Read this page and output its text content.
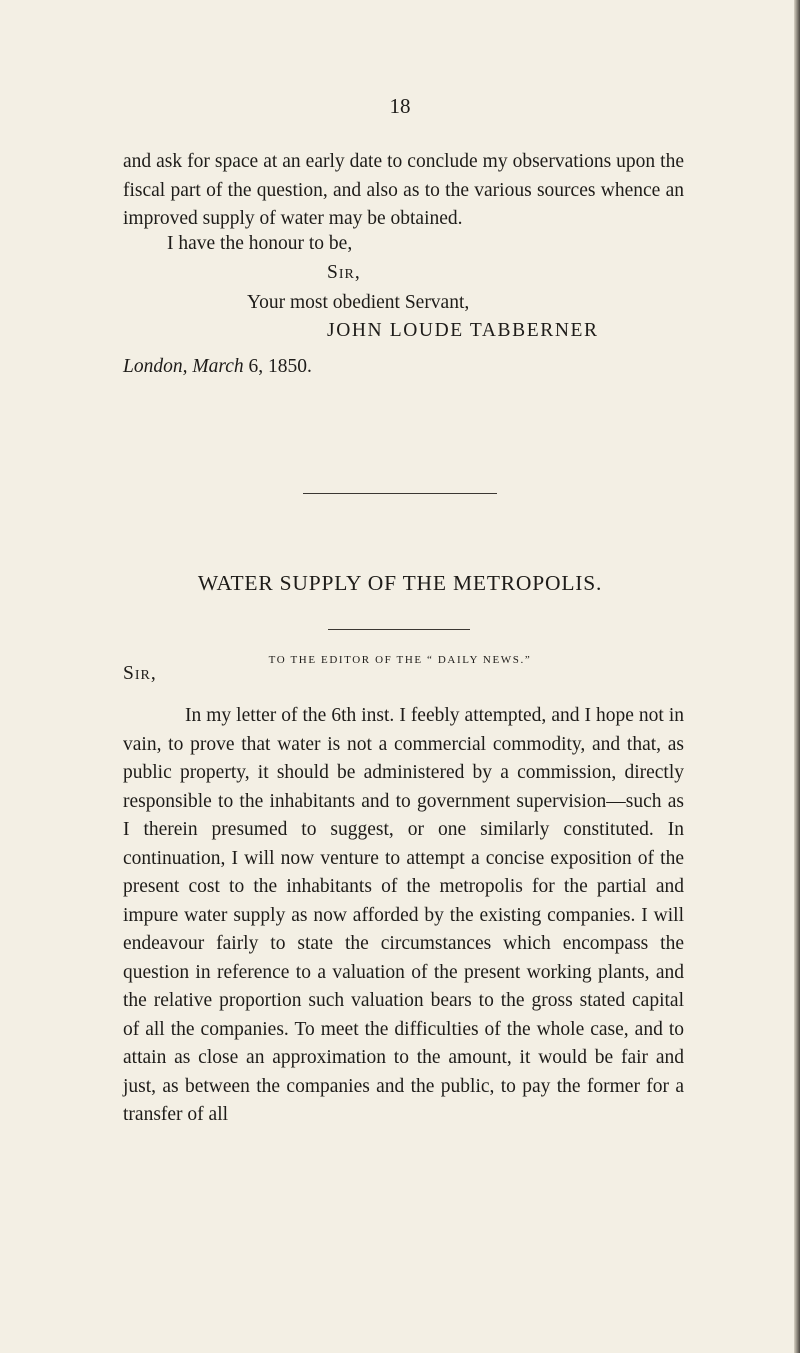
18

and ask for space at an early date to conclude my observations upon the fiscal part of the question, and also as to the various sources whence an improved supply of water may be obtained.

I have the honour to be,
Sir,
Your most obedient Servant,
JOHN LOUDE TABBERNER
London, March 6, 1850.
WATER SUPPLY OF THE METROPOLIS.
TO THE EDITOR OF THE “ DAILY NEWS.”
Sir,

In my letter of the 6th inst. I feebly attempted, and I hope not in vain, to prove that water is not a commercial commodity, and that, as public property, it should be administered by a commission, directly responsible to the inhabitants and to government supervision—such as I therein presumed to suggest, or one similarly constituted. In continuation, I will now venture to attempt a concise exposition of the present cost to the inhabitants of the metropolis for the partial and impure water supply as now afforded by the existing companies. I will endeavour fairly to state the circumstances which encompass the question in reference to a valuation of the present working plants, and the relative proportion such valuation bears to the gross stated capital of all the companies. To meet the difficulties of the whole case, and to attain as close an approximation to the amount, it would be fair and just, as between the companies and the public, to pay the former for a transfer of all
